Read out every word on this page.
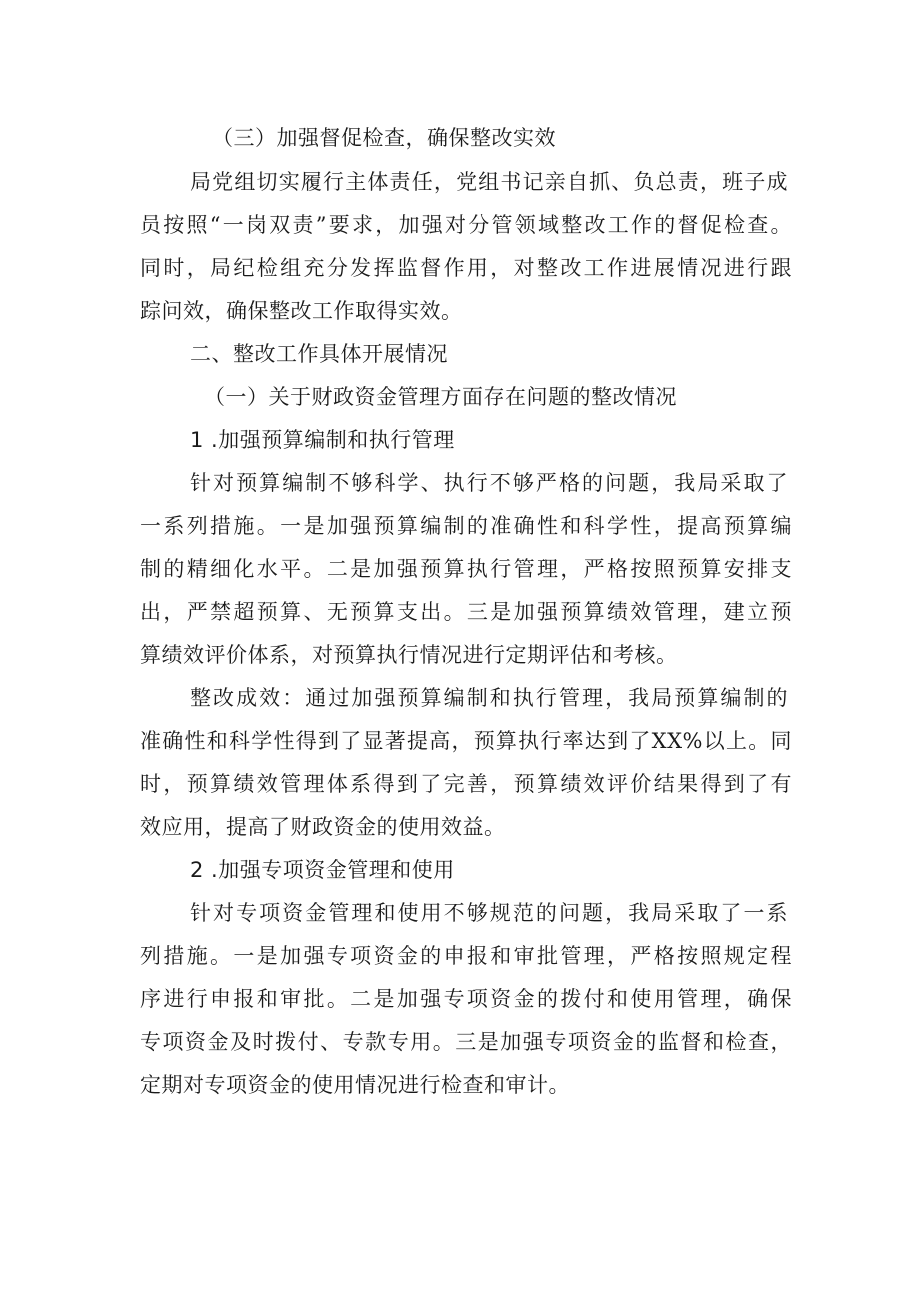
（三）加强督促检查，确保整改实效
局党组切实履行主体责任，党组书记亲自抓、负总责，班子成
员按照“一岗双责”要求，加强对分管领域整改工作的督促检查。
同时，局纪检组充分发挥监督作用，对整改工作进展情况进行跟
踪问效，确保整改工作取得实效。
二、整改工作具体开展情况
（一）关于财政资金管理方面存在问题的整改情况
1 .加强预算编制和执行管理
针对预算编制不够科学、执行不够严格的问题，我局采取了
一系列措施。一是加强预算编制的准确性和科学性，提高预算编
制的精细化水平。二是加强预算执行管理，严格按照预算安排支
出，严禁超预算、无预算支出。三是加强预算绩效管理，建立预
算绩效评价体系，对预算执行情况进行定期评估和考核。
整改成效：通过加强预算编制和执行管理，我局预算编制的
准确性和科学性得到了显著提高，预算执行率达到了XX%以上。同
时，预算绩效管理体系得到了完善，预算绩效评价结果得到了有
效应用，提高了财政资金的使用效益。
2 .加强专项资金管理和使用
针对专项资金管理和使用不够规范的问题，我局采取了一系
列措施。一是加强专项资金的申报和审批管理，严格按照规定程
序进行申报和审批。二是加强专项资金的拨付和使用管理，确保
专项资金及时拨付、专款专用。三是加强专项资金的监督和检查，
定期对专项资金的使用情况进行检查和审计。
